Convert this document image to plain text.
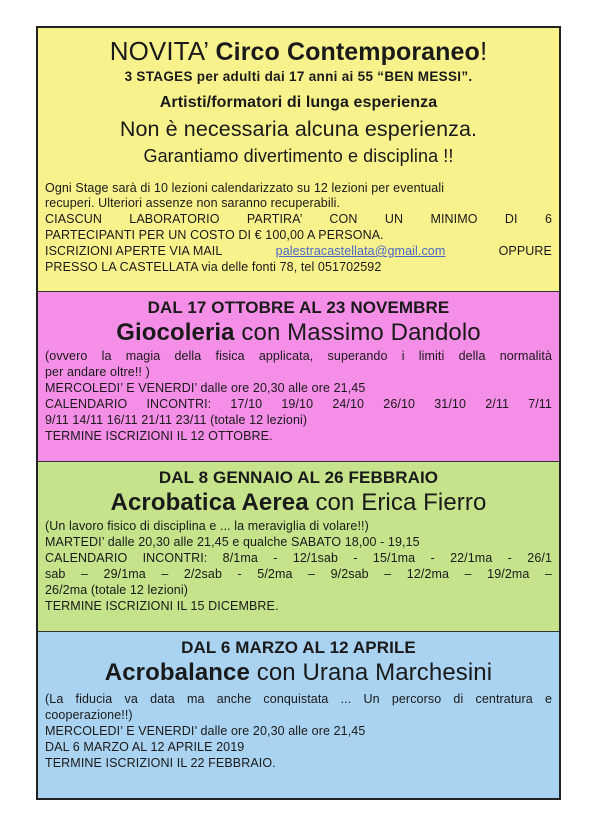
NOVITA’ Circo Contemporaneo!
3 STAGES per adulti dai 17 anni ai 55 “BEN MESSI”.
Artisti/formatori di lunga esperienza
Non è necessaria alcuna esperienza.
Garantiamo divertimento e disciplina !!
Ogni Stage sarà di 10 lezioni calendarizzato su 12 lezioni per eventuali
recuperi. Ulteriori assenze non saranno recuperabili.
CIASCUN LABORATORIO PARTIRA’ CON UN MINIMO DI 6
PARTECIPANTI PER UN COSTO DI € 100,00 A PERSONA.
ISCRIZIONI APERTE VIA MAIL	palestracastellata@gmail.com	OPPURE
PRESSO LA CASTELLATA via delle fonti 78, tel 051702592
DAL 17 OTTOBRE AL 23 NOVEMBRE
Giocoleria con Massimo Dandolo
(ovvero la magia della fisica applicata, superando i limiti della normalità
per andare oltre!! )
MERCOLEDI’ E VENERDI’ dalle ore 20,30 alle ore 21,45
CALENDARIO INCONTRI: 17/10 19/10 24/10 26/10 31/10 2/11 7/11
9/11 14/11 16/11 21/11 23/11 (totale 12 lezioni)
TERMINE ISCRIZIONI IL 12 OTTOBRE.
DAL 8 GENNAIO AL 26 FEBBRAIO
Acrobatica Aerea con Erica Fierro
(Un lavoro fisico di disciplina e ... la meraviglia di volare!!)
MARTEDI’ dalle 20,30 alle 21,45 e qualche SABATO 18,00 - 19,15
CALENDARIO INCONTRI: 8/1ma - 12/1sab - 15/1ma - 22/1ma - 26/1
sab – 29/1ma – 2/2sab - 5/2ma – 9/2sab – 12/2ma – 19/2ma –
26/2ma (totale 12 lezioni)
TERMINE ISCRIZIONI IL 15 DICEMBRE.
DAL 6 MARZO AL 12 APRILE
Acrobalance con Urana Marchesini
(La fiducia va data ma anche conquistata ... Un percorso di centratura e
cooperazione!!)
MERCOLEDI’ E VENERDI’ dalle ore 20,30 alle ore 21,45
DAL 6 MARZO AL 12 APRILE 2019
TERMINE ISCRIZIONI IL 22 FEBBRAIO.
